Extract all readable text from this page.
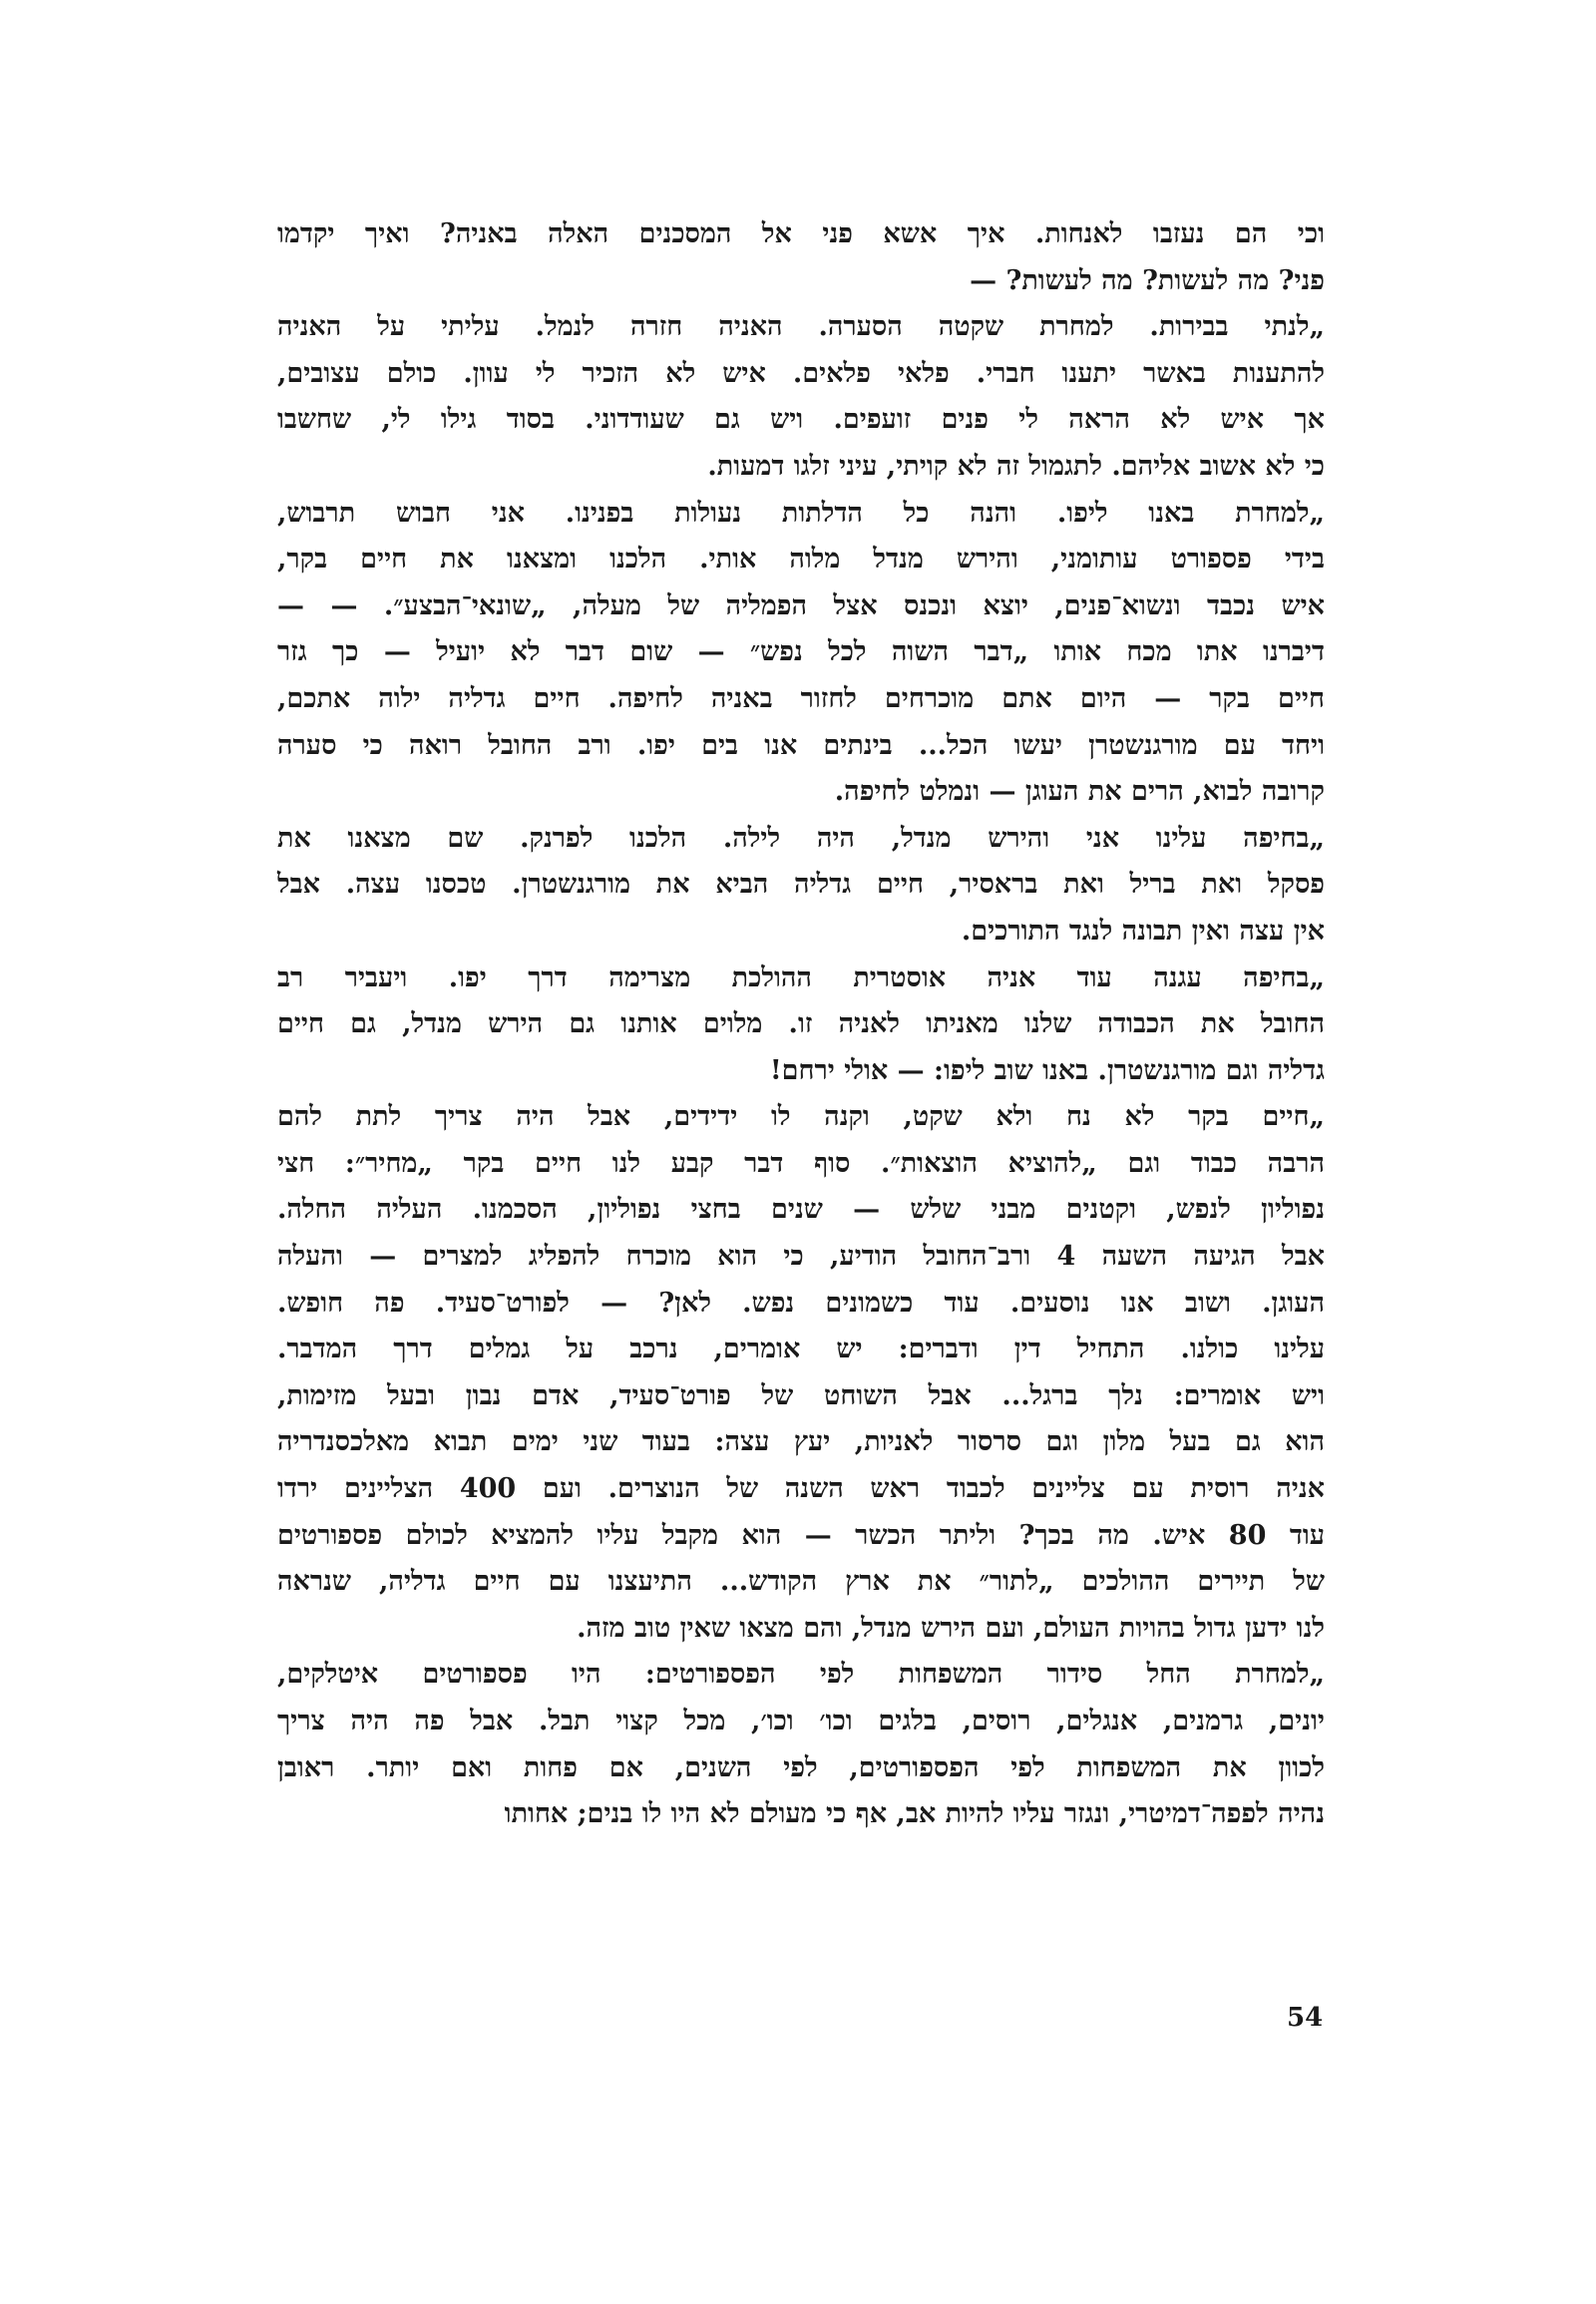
וכי הם נעזבו לאנחות. איך אשא פני אל המסכנים האלה באניה? ואיך יקדמו
פני? מה לעשות? מה לעשות? —
„לנתי בבירות. למחרת שקטה הסערה. האניה חזרה לנמל. עליתי על האניה
להתענות באשר יתענו חברי. פלאי פלאים. איש לא הזכיר לי עוון. כולם עצובים,
אך איש לא הראה לי פנים זועפים. ויש גם שעודדוני. בסוד גילו לי, שחשבו
כי לא אשוב אליהם. לתגמול זה לא קויתי, עיני זלגו דמעות.
„למחרת באנו ליפו. והנה כל הדלתות נעולות בפנינו. אני חבוש תרבוש,
בידי פספורט עותומני, והירש מנדל מלוה אותי. הלכנו ומצאנו את חיים בקר,
איש נכבד ונשוא־פנים, יוצא ונכנס אצל הפמליה של מעלה, „שונאי־הבצע״. — —
דיברנו אתו מכח אותו „דבר השוה לכל נפש״ — שום דבר לא יועיל — כך גזר
חיים בקר — היום אתם מוכרחים לחזור באניה לחיפה. חיים גדליה ילוה אתכם,
ויחד עם מורגנשטרן יעשו הכל... בינתים אנו בים יפו. ורב החובל רואה כי סערה
קרובה לבוא, הרים את העוגן — ונמלט לחיפה.
„בחיפה עלינו אני והירש מנדל, היה לילה. הלכנו לפרנק. שם מצאנו את
פסקל ואת בריל ואת בראסיר, חיים גדליה הביא את מורגנשטרן. טכסנו עצה. אבל
אין עצה ואין תבונה לנגד התורכים.
„בחיפה עגנה עוד אניה אוסטרית ההולכת מצרימה דרך יפו. ויעביר רב
החובל את הכבודה שלנו מאניתו לאניה זו. מלוים אותנו גם הירש מנדל, גם חיים
גדליה וגם מורגנשטרן. באנו שוב ליפו: — אולי ירחם!
„חיים בקר לא נח ולא שקט, וקנה לו ידידים, אבל היה צריך לתת להם
הרבה כבוד וגם „להוציא הוצאות״. סוף דבר קבע לנו חיים בקר „מחיר״: חצי
נפוליון לנפש, וקטנים מבני שלש — שנים בחצי נפוליון, הסכמנו. העליה החלה.
אבל הגיעה השעה 4 ורב־החובל הודיע, כי הוא מוכרח להפליג למצרים — והעלה
העוגן. ושוב אנו נוסעים. עוד כשמונים נפש. לאן? — לפורט־סעיד. פה חופש.
עלינו כולנו. התחיל דין ודברים: יש אומרים, נרכב על גמלים דרך המדבר.
ויש אומרים: נלך ברגל... אבל השוחט של פורט־סעיד, אדם נבון ובעל מזימות,
הוא גם בעל מלון וגם סרסור לאניות, יעץ עצה: בעוד שני ימים תבוא מאלכסנדריה
אניה רוסית עם צליינים לכבוד ראש השנה של הנוצרים. ועם 400 הצליינים ירדו
עוד 80 איש. מה בכך? וליתר הכשר — הוא מקבל עליו להמציא לכולם פספורטים
של תיירים ההולכים „לתור״ את ארץ הקודש... התיעצנו עם חיים גדליה, שנראה
לנו ידען גדול בהויות העולם, ועם הירש מנדל, והם מצאו שאין טוב מזה.
„למחרת החל סידור המשפחות לפי הפספורטים: היו פספורטים איטלקים,
יונים, גרמנים, אנגלים, רוסים, בלגים וכו׳ וכו׳, מכל קצוי תבל. אבל פה היה צריך
לכוון את המשפחות לפי הפספורטים, לפי השנים, אם פחות ואם יותר. ראובן
נהיה לפפה־דמיטרי, ונגזר עליו להיות אב, אף כי מעולם לא היו לו בנים; אחותו
54
